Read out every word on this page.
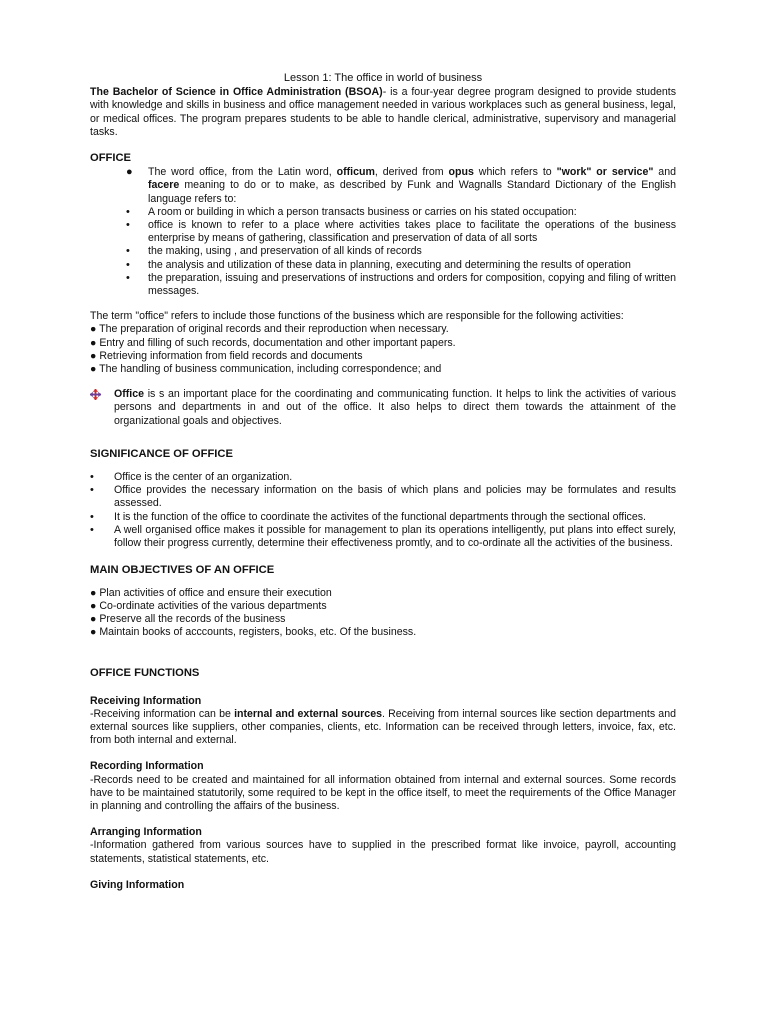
Lesson 1: The office in world of business

The Bachelor of Science in Office Administration (BSOA)- is a four-year degree program designed to provide students with knowledge and skills in business and office management needed in various workplaces such as general business, legal, or medical offices. The program prepares students to be able to handle clerical, administrative, supervisory and managerial tasks.

OFFICE
● The word office, from the Latin word, officum, derived from opus which refers to "work" or service" and facere meaning to do or to make, as described by Funk and Wagnalls Standard Dictionary of the English language refers to:
• A room or building in which a person transacts business or carries on his stated occupation:
• office is known to refer to a place where activities takes place to facilitate the operations of the business enterprise by means of gathering, classification and preservation of data of all sorts
• the making, using , and preservation of all kinds of records
• the analysis and utilization of these data in planning, executing and determining the results of operation
• the preparation, issuing and preservations of instructions and orders for composition, copying and filing of written messages.

The term "office" refers to include those functions of the business which are responsible for the following activities:

● The preparation of original records and their reproduction when necessary.
● Entry and filling of such records, documentation and other important papers.
● Retrieving information from field records and documents
● The handling of business communication, including correspondence; and

Office is s an important place for the coordinating and communicating function. It helps to link the activities of various persons and departments in and out of the office. It also helps to direct them towards the attainment of the organizational goals and objectives.

SIGNIFICANCE OF OFFICE
• Office is the center of an organization.
• Office provides the necessary information on the basis of which plans and policies may be formulates and results assessed.
• It is the function of the office to coordinate the activites of the functional departments through the sectional offices.
• A well organised office makes it possible for management to plan its operations intelligently, put plans into effect surely, follow their progress currently, determine their effectiveness promtly, and to co-ordinate all the activities of the business.
MAIN OBJECTIVES OF AN OFFICE
● Plan activities of office and ensure their execution
● Co-ordinate activities of the various departments
● Preserve all the records of the business
● Maintain books of acccounts, registers, books, etc. Of the business.
OFFICE FUNCTIONS
Receiving Information

-Receiving information can be internal and external sources. Receiving from internal sources like section departments and external sources like suppliers, other companies, clients, etc. Information can be received through letters, invoice, fax, etc. from both internal and external.

Recording Information

-Records need to be created and maintained for all information obtained from internal and external sources. Some records have to be maintained statutorily, some required to be kept in the office itself, to meet the requirements of the Office Manager in planning and controlling the affairs of the business.

Arranging Information

-Information gathered from various sources have to supplied in the prescribed format like invoice, payroll, accounting statements, statistical statements, etc.

Giving Information
